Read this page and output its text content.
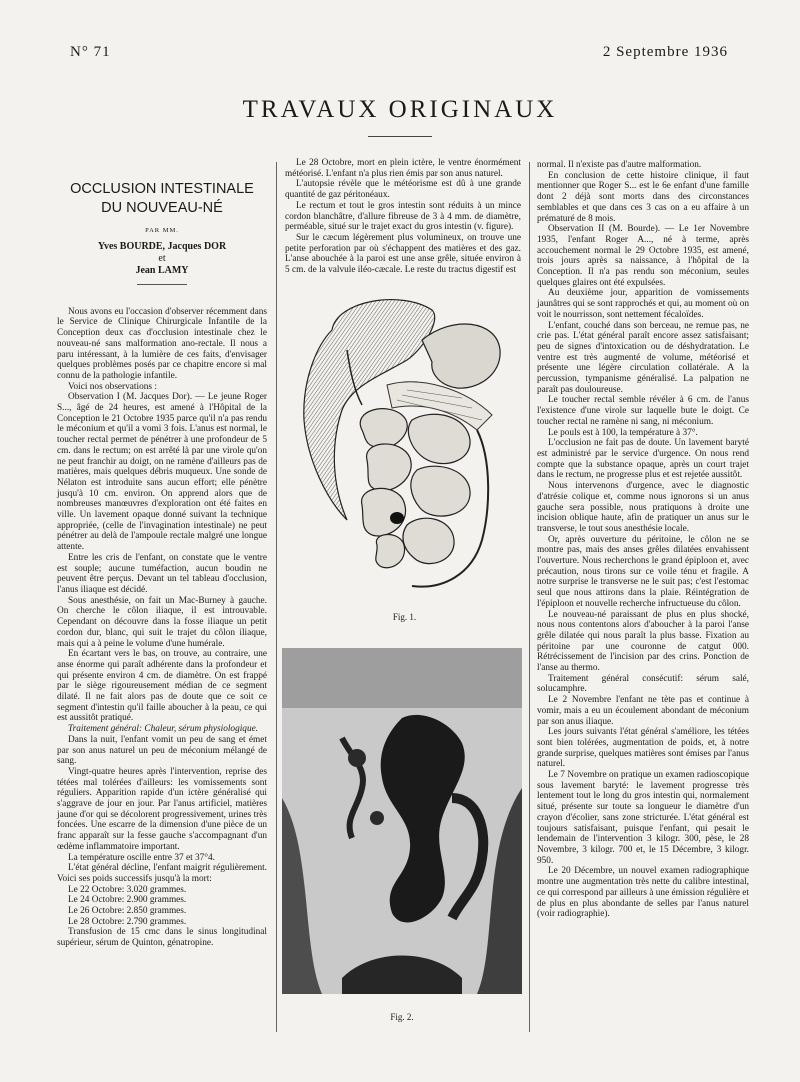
N° 71	2 Septembre 1936
TRAVAUX ORIGINAUX
OCCLUSION INTESTINALE
DU NOUVEAU-NÉ
PAR MM.
Yves BOURDE, Jacques DOR
et
Jean LAMY

Nous avons eu l'occasion d'observer récemment dans le Service de Clinique Chirurgicale Infantile de la Conception deux cas d'occlusion intestinale chez le nouveau-né sans malformation ano-rectale. Il nous a paru intéressant, à la lumière de ces faits, d'envisager quelques problèmes posés par ce chapitre encore si mal connu de la pathologie infantile.

Voici nos observations :

Observation I (M. Jacques Dor). — Le jeune Roger S..., âgé de 24 heures, est amené à l'Hôpital de la Conception le 21 Octobre 1935 parce qu'il n'a pas rendu le méconium et qu'il a vomi 3 fois. L'anus est normal, le toucher rectal permet de pénétrer à une profondeur de 5 cm. dans le rectum; on est arrêté là par une virole qu'on ne peut franchir au doigt, on ne ramène d'ailleurs pas de matières, mais quelques débris muqueux. Une sonde de Nélaton est introduite sans aucun effort; elle pénètre jusqu'à 10 cm. environ. On apprend alors que de nombreuses manœuvres d'exploration ont été faites en ville. Un lavement opaque donné suivant la technique appropriée, (celle de l'invagination intestinale) ne peut pénétrer au delà de l'ampoule rectale malgré une longue attente.

Entre les cris de l'enfant, on constate que le ventre est souple; aucune tuméfaction, aucun boudin ne peuvent être perçus. Devant un tel tableau d'occlusion, l'anus iliaque est décidé.

Sous anesthésie, on fait un Mac-Burney à gauche. On cherche le côlon iliaque, il est introuvable. Cependant on découvre dans la fosse iliaque un petit cordon dur, blanc, qui suit le trajet du côlon iliaque, mais qui a à peine le volume d'une humérale.

En écartant vers le bas, on trouve, au contraire, une anse énorme qui paraît adhérente dans la profondeur et qui présente environ 4 cm. de diamètre. On est frappé par le siège rigoureusement médian de ce segment dilaté. Il ne fait alors pas de doute que ce soit ce segment d'intestin qu'il faille aboucher à la peau, ce qui est aussitôt pratiqué.

Traitement général: Chaleur, sérum physiologique.

Dans la nuit, l'enfant vomit un peu de sang et émet par son anus naturel un peu de méconium mélangé de sang.

Vingt-quatre heures après l'intervention, reprise des tétées mal tolérées d'ailleurs: les vomissements sont réguliers. Apparition rapide d'un ictère généralisé qui s'aggrave de jour en jour. Par l'anus artificiel, matières jaune d'or qui se décolorent progressivement, urines très foncées. Une escarre de la dimension d'une pièce de un franc apparaît sur la fesse gauche s'accompagnant d'un œdème inflammatoire important.

La température oscille entre 37 et 37°4.

L'état général décline, l'enfant maigrit régulièrement. Voici ses poids successifs jusqu'à la mort:

Le 22 Octobre: 3.020 grammes.
Le 24 Octobre: 2.900 grammes.
Le 26 Octobre: 2.850 grammes.
Le 28 Octobre: 2.790 grammes.

Transfusion de 15 cmc dans le sinus longitudinal supérieur, sérum de Quinton, génatropine.

Le 28 Octobre, mort en plein ictère, le ventre énormément météorisé. L'enfant n'a plus rien émis par son anus naturel.

L'autopsie révèle que le météorisme est dû à une grande quantité de gaz péritonéaux.

Le rectum et tout le gros intestin sont réduits à un mince cordon blanchâtre, d'allure fibreuse de 3 à 4 mm. de diamètre, perméable, situé sur le trajet exact du gros intestin (v. figure).

Sur le cæcum légèrement plus volumineux, on trouve une petite perforation par où s'échappent des matières et des gaz. L'anse abouchée à la paroi est une anse grêle, située environ à 5 cm. de la valvule iléo-cæcale. Le reste du tractus digestif est

Fig. 1.
Fig. 2.

normal. Il n'existe pas d'autre malformation.

En conclusion de cette histoire clinique, il faut mentionner que Roger S... est le 6e enfant d'une famille dont 2 déjà sont morts dans des circonstances semblables et que dans ces 3 cas on a eu affaire à un prématuré de 8 mois.

Observation II (M. Bourde). — Le 1er Novembre 1935, l'enfant Roger A..., né à terme, après accouchement normal le 29 Octobre 1935, est amené, trois jours après sa naissance, à l'hôpital de la Conception. Il n'a pas rendu son méconium, seules quelques glaires ont été expulsées.

Au deuxième jour, apparition de vomissements jaunâtres qui se sont rapprochés et qui, au moment où on voit le nourrisson, sont nettement fécaloïdes.

L'enfant, couché dans son berceau, ne remue pas, ne crie pas. L'état général paraît encore assez satisfaisant; peu de signes d'intoxication ou de déshydratation. Le ventre est très augmenté de volume, météorisé et présente une légère circulation collatérale. A la percussion, tympanisme généralisé. La palpation ne paraît pas douloureuse.

Le toucher rectal semble révéler à 6 cm. de l'anus l'existence d'une virole sur laquelle bute le doigt. Ce toucher rectal ne ramène ni sang, ni méconium.

Le pouls est à 100, la température à 37°.

L'occlusion ne fait pas de doute. Un lavement baryté est administré par le service d'urgence. On nous rend compte que la substance opaque, après un court trajet dans le rectum, ne progresse plus et est rejetée aussitôt.

Nous intervenons d'urgence, avec le diagnostic d'atrésie colique et, comme nous ignorons si un anus gauche sera possible, nous pratiquons à droite une incision oblique haute, afin de pratiquer un anus sur le transverse, le tout sous anesthésie locale.

Or, après ouverture du péritoine, le côlon ne se montre pas, mais des anses grêles dilatées envahissent l'ouverture. Nous recherchons le grand épiploon et, avec précaution, nous tirons sur ce voile ténu et fragile. A notre surprise le transverse ne le suit pas; c'est l'estomac seul que nous attirons dans la plaie. Réintégration de l'épiploon et nouvelle recherche infructueuse du côlon.

Le nouveau-né paraissant de plus en plus shocké, nous nous contentons alors d'aboucher à la paroi l'anse grêle dilatée qui nous paraît la plus basse. Fixation au péritoine par une couronne de catgut 000. Rétrécissement de l'incision par des crins. Ponction de l'anse au thermo.

Traitement général consécutif: sérum salé, solucamphre.

Le 2 Novembre l'enfant ne tète pas et continue à vomir, mais a eu un écoulement abondant de méconium par son anus iliaque.

Les jours suivants l'état général s'améliore, les tétées sont bien tolérées, augmentation de poids, et, à notre grande surprise, quelques matières sont émises par l'anus naturel.

Le 7 Novembre on pratique un examen radioscopique sous lavement baryté: le lavement progresse très lentement tout le long du gros intestin qui, normalement situé, présente sur toute sa longueur le diamètre d'un crayon d'écolier, sans zone stricturée. L'état général est toujours satisfaisant, puisque l'enfant, qui pesait le lendemain de l'intervention 3 kilogr. 300, pèse, le 28 Novembre, 3 kilogr. 700 et, le 15 Décembre, 3 kilogr. 950.

Le 20 Décembre, un nouvel examen radiographique montre une augmentation très nette du calibre intestinal, ce qui correspond par ailleurs à une émission régulière et de plus en plus abondante de selles par l'anus naturel (voir radiographie).
